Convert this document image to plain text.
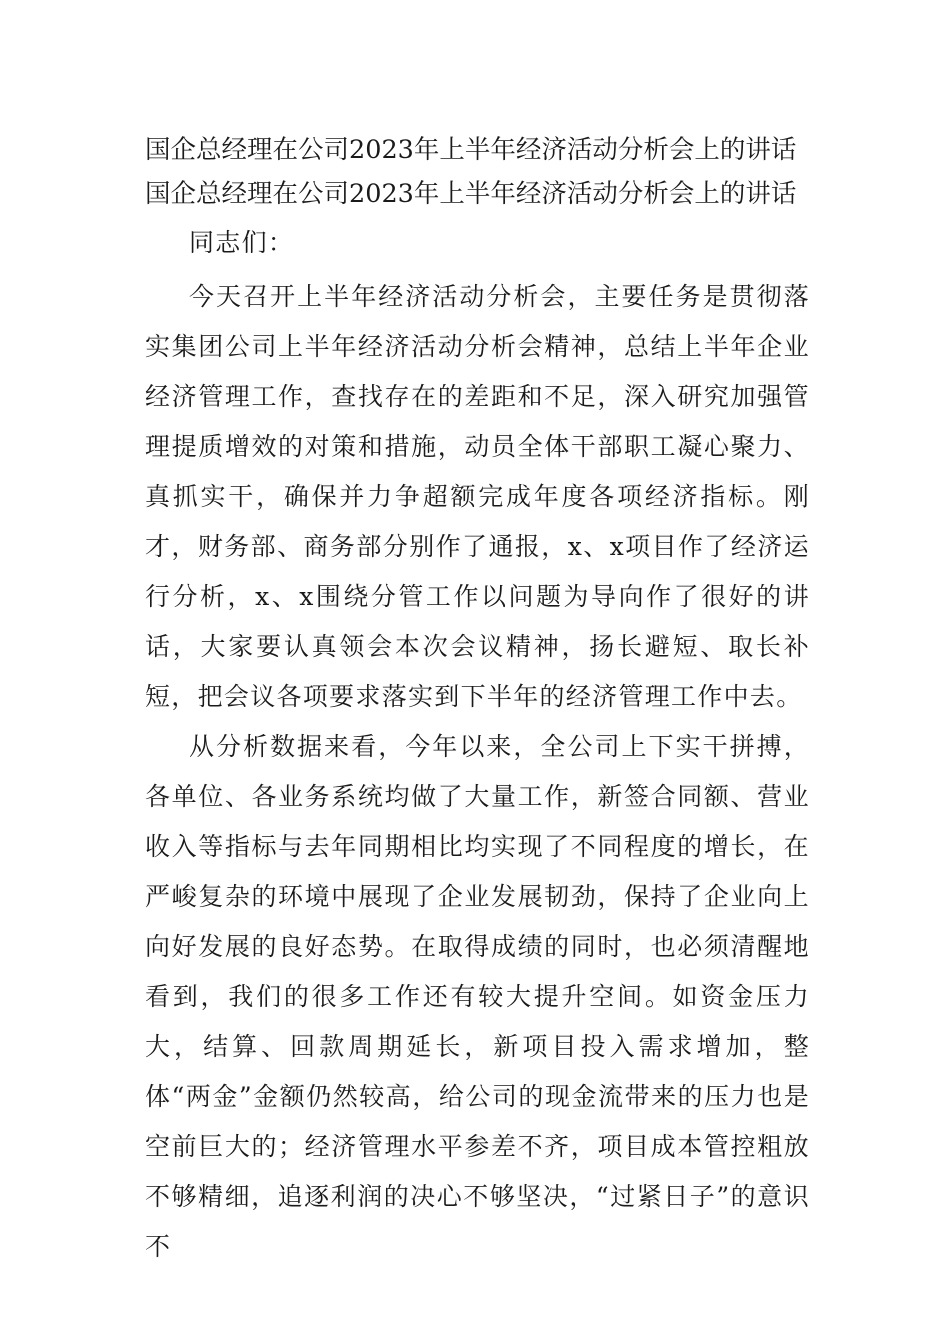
国企总经理在公司2023年上半年经济活动分析会上的讲话
国企总经理在公司2023年上半年经济活动分析会上的讲话

同志们：

今天召开上半年经济活动分析会，主要任务是贯彻落实集团公司上半年经济活动分析会精神，总结上半年企业经济管理工作，查找存在的差距和不足，深入研究加强管理提质增效的对策和措施，动员全体干部职工凝心聚力、真抓实干，确保并力争超额完成年度各项经济指标。刚才，财务部、商务部分别作了通报，x、x项目作了经济运行分析，x、x围绕分管工作以问题为导向作了很好的讲话，大家要认真领会本次会议精神，扬长避短、取长补短，把会议各项要求落实到下半年的经济管理工作中去。

从分析数据来看，今年以来，全公司上下实干拼搏，各单位、各业务系统均做了大量工作，新签合同额、营业收入等指标与去年同期相比均实现了不同程度的增长，在严峻复杂的环境中展现了企业发展韧劲，保持了企业向上向好发展的良好态势。在取得成绩的同时，也必须清醒地看到，我们的很多工作还有较大提升空间。如资金压力大，结算、回款周期延长，新项目投入需求增加，整体“两金”金额仍然较高，给公司的现金流带来的压力也是空前巨大的；经济管理水平参差不齐，项目成本管控粗放不够精细，追逐利润的决心不够坚决，“过紧日子”的意识不
